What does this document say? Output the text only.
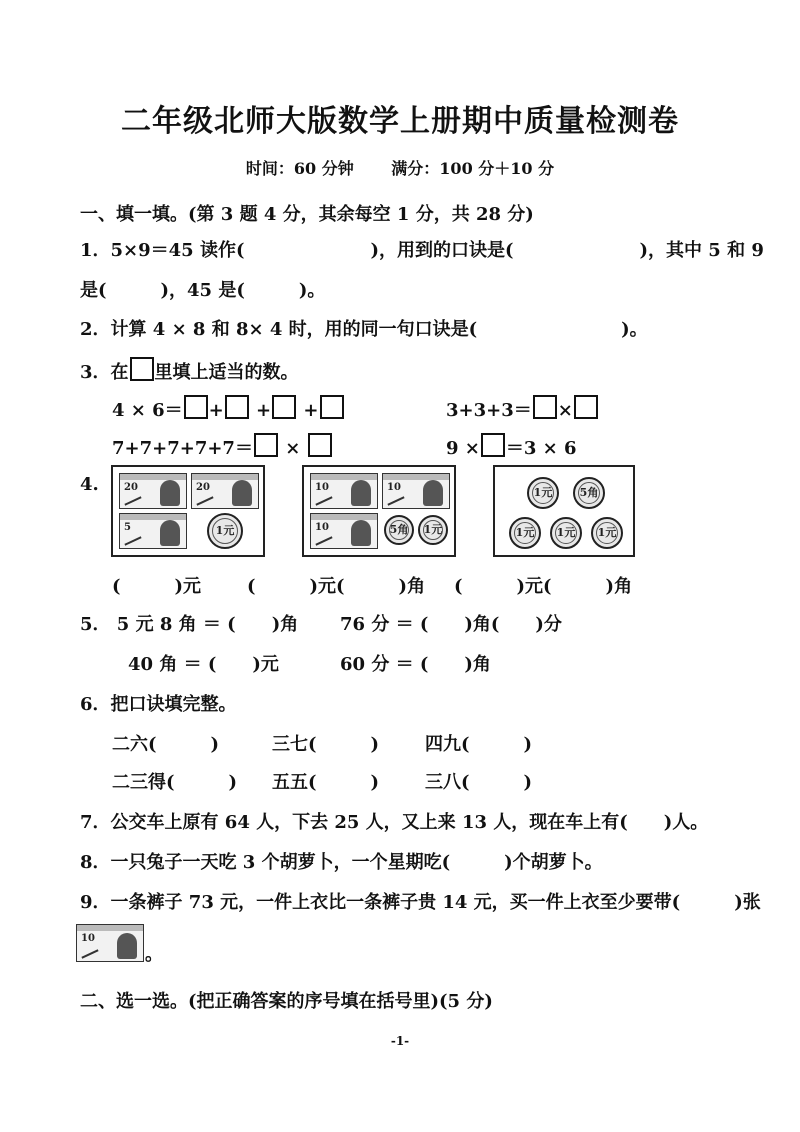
二年级北师大版数学上册期中质量检测卷
时间：60 分钟 满分：100 分＋10 分
一、填一填。(第 3 题 4 分，其余每空 1 分，共 28 分)
1．5×9＝45 读作(　　　　　　　)，用到的口诀是(　　　　　　　)，其中 5 和 9
是(　　　)，45 是(　　　)。
2．计算 4 × 8 和 8× 4 时，用的同一句口诀是(　　　　　　　　)。
3．在 里填上适当的数。
4 × 6＝ + + +	3+3+3＝ ×
7+7+7+7+7＝ ×	9 × ＝3 × 6
4.	20	20
5	1元
10	10
10	5角	1元
1元	5角
1元	1元	1元
(　　　)元	(　　　)元(　　　)角 (　　　)元(　　　)角
5． 5 元 8 角 ＝ (　　)角 76 分 ＝ (　　)角(　　)分
40 角 ＝ (　　)元	60 分 ＝ (　　)角
6．把口诀填完整。
二六(　　　)	三七(　　　)	四九(　　　)
二三得(　　　) 五五(　　　)	三八(　　　)
7．公交车上原有 64 人，下去 25 人，又上来 13 人，现在车上有(　　)人。
8．一只兔子一天吃 3 个胡萝卜，一个星期吃(　　　)个胡萝卜。
9．一条裤子 73 元，一件上衣比一条裤子贵 14 元，买一件上衣至少要带(　　　)张
10
。
二、选一选。(把正确答案的序号填在括号里)(5 分)
-1-
